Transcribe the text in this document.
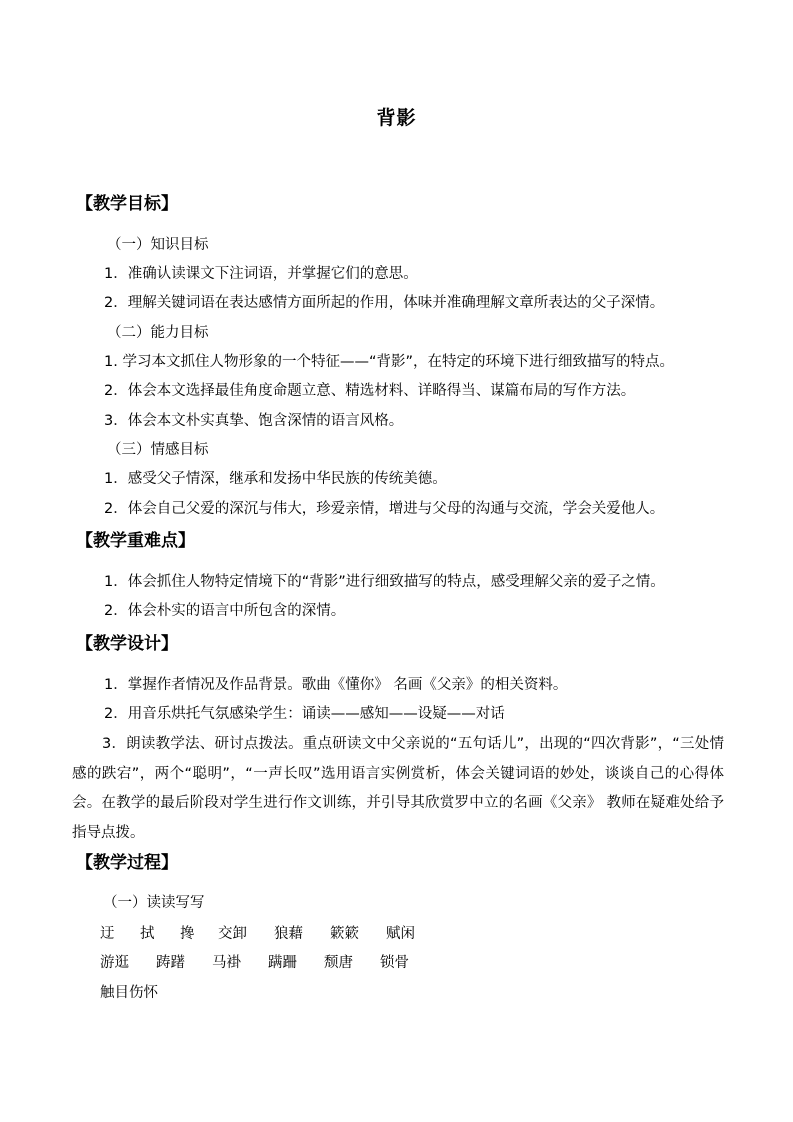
背影
【教学目标】
（一）知识目标
1．准确认读课文下注词语，并掌握它们的意思。
2．理解关键词语在表达感情方面所起的作用，体味并准确理解文章所表达的父子深情。
（二）能力目标
1. 学习本文抓住人物形象的一个特征——“背影”，在特定的环境下进行细致描写的特点。
2．体会本文选择最佳角度命题立意、精选材料、详略得当、谋篇布局的写作方法。
3．体会本文朴实真挚、饱含深情的语言风格。
（三）情感目标
1．感受父子情深，继承和发扬中华民族的传统美德。
2．体会自己父爱的深沉与伟大，珍爱亲情，增进与父母的沟通与交流，学会关爱他人。
【教学重难点】
1．体会抓住人物特定情境下的“背影”进行细致描写的特点，感受理解父亲的爱子之情。
2．体会朴实的语言中所包含的深情。
【教学设计】
1．掌握作者情况及作品背景。歌曲《懂你》 名画《父亲》的相关资料。
2．用音乐烘托气氛感染学生：诵读——感知——设疑——对话
3．朗读教学法、研讨点拨法。重点研读文中父亲说的“五句话儿”，出现的“四次背影”，“三处情感的跌宕”，两个“聪明”，“一声长叹”选用语言实例赏析，体会关键词语的妙处，谈谈自己的心得体会。在教学的最后阶段对学生进行作文训练，并引导其欣赏罗中立的名画《父亲》 教师在疑难处给予指导点拨。
【教学过程】
（一）读读写写
迂 拭 搀 交卸 狼藉 簌簌 赋闲
游逛 踌躇 马褂 蹒跚 颓唐 锁骨
触目伤怀
